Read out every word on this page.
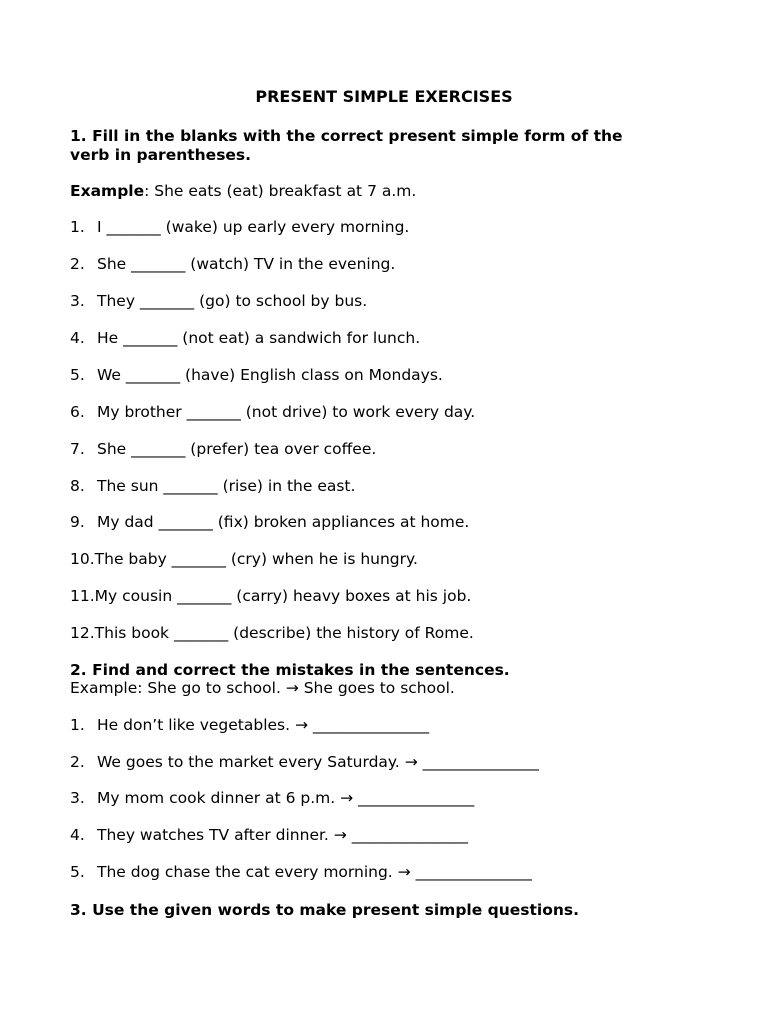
PRESENT SIMPLE EXERCISES
1. Fill in the blanks with the correct present simple form of the
verb in parentheses.
Example: She eats (eat) breakfast at 7 a.m.
1. I _______ (wake) up early every morning.
2. She _______ (watch) TV in the evening.
3. They _______ (go) to school by bus.
4. He _______ (not eat) a sandwich for lunch.
5. We _______ (have) English class on Mondays.
6. My brother _______ (not drive) to work every day.
7. She _______ (prefer) tea over coffee.
8. The sun _______ (rise) in the east.
9. My dad _______ (fix) broken appliances at home.
10.The baby _______ (cry) when he is hungry.
11.My cousin _______ (carry) heavy boxes at his job.
12.This book _______ (describe) the history of Rome.
2. Find and correct the mistakes in the sentences.
Example: She go to school. → She goes to school.
1. He don’t like vegetables. → _______________
2. We goes to the market every Saturday. → _______________
3. My mom cook dinner at 6 p.m. → _______________
4. They watches TV after dinner. → _______________
5. The dog chase the cat every morning. → _______________
3. Use the given words to make present simple questions.
